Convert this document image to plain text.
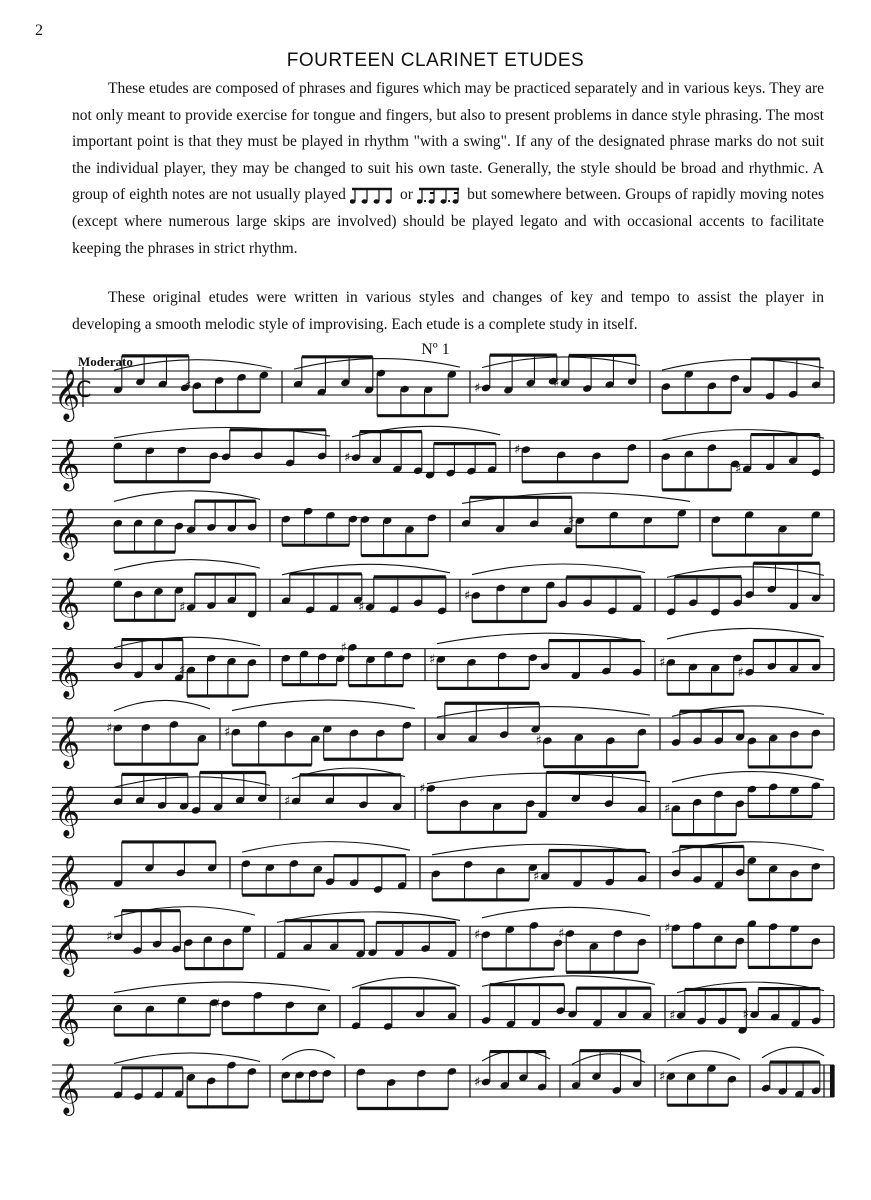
2
FOURTEEN CLARINET ETUDES

These etudes are composed of phrases and figures which may be practiced separately and in various keys. They are not only meant to provide exercise for tongue and fingers, but also to present problems in dance style phrasing. The most important point is that they must be played in rhythm "with a swing". If any of the designated phrase marks do not suit the individual player, they may be changed to suit his own taste. Generally, the style should be broad and rhythmic. A group of eighth notes are not usually played	or	but somewhere between. Groups of rapidly moving notes (except where numerous large skips are involved) should be played legato and with occasional accents to facilitate keeping the phrases in strict rhythm.

These original etudes were written in various styles and changes of key and tempo to assist the player in developing a smooth melodic style of improvising. Each etude is a complete study in itself.

Nº 1
Moderato
𝄞	♯	♯	♯
𝄞	♯
♯
♯
𝄞	♯
𝄞	♯	♯
♯
𝄞	♯
♯
♯	♯
♯
𝄞 ♯	♯
♯
𝄞	♯
♯
♯
𝄞	♯
𝄞 ♯	♯	♯	♯
𝄞	♯
♯	♯
𝄞	♯	♯
C
